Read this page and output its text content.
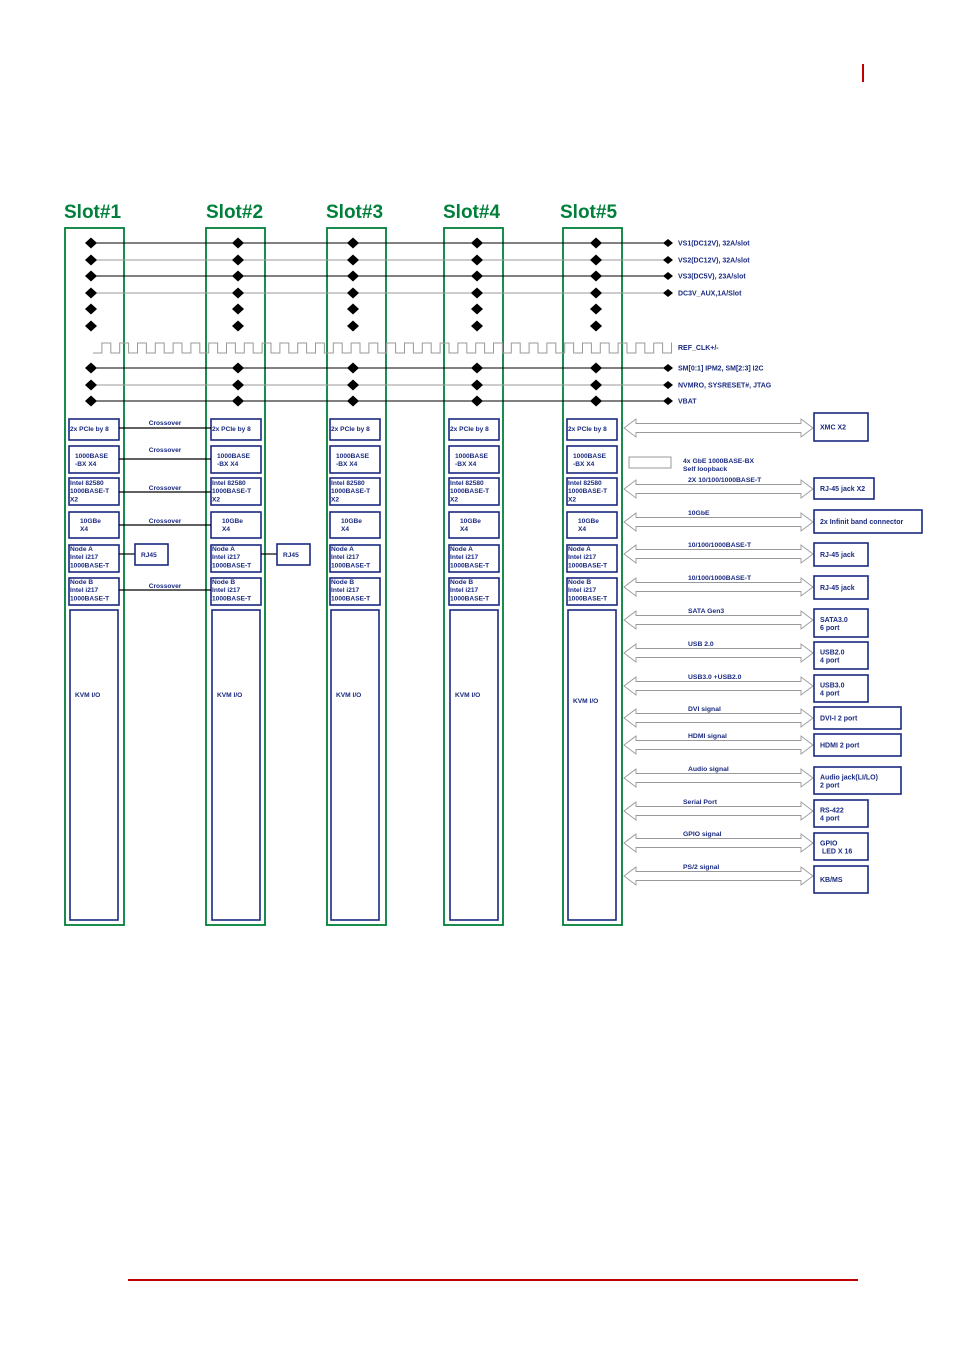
Slot#1	Slot#2	Slot#3	Slot#4	Slot#5
VS1(DC12V), 32A/slot
VS2(DC12V), 32A/slot
VS3(DC5V), 23A/slot
DC3V_AUX,1A/Slot
REF_CLK+/-
SM[0:1] IPM2, SM[2:3] I2C
NVMRO, SYSRESET#, JTAG
VBAT
2x PCIe by 8
1000BASE -BX X4
Intel 82580 1000BASE-T X2
10GBe X4
Node A Intel i217 1000BASE-T
Node B Intel i217 1000BASE-T
KVM I/O
2x PCIe by 8
1000BASE -BX X4
Intel 82580 1000BASE-T X2
10GBe X4
Node A Intel i217 1000BASE-T
Node B Intel i217 1000BASE-T
KVM I/O
2x PCIe by 8
1000BASE -BX X4
Intel 82580 1000BASE-T X2
10GBe X4
Node A Intel i217 1000BASE-T
Node B Intel i217 1000BASE-T
KVM I/O
2x PCIe by 8
1000BASE -BX X4
Intel 82580 1000BASE-T X2
10GBe X4
Node A Intel i217 1000BASE-T
Node B Intel i217 1000BASE-T
KVM I/O
2x PCIe by 8
1000BASE -BX X4
Intel 82580 1000BASE-T X2
10GBe X4
Node A Intel i217 1000BASE-T
Node B Intel i217 1000BASE-T
KVM I/O
Crossover
Crossover
Crossover
Crossover
Crossover
RJ45	RJ45
4x GbE 1000BASE-BX Self loopback
XMC X2
2X 10/100/1000BASE-T
RJ-45 jack X2
10GbE
2x Infinit band connector
10/100/1000BASE-T
RJ-45 jack
10/100/1000BASE-T
RJ-45 jack
SATA Gen3
SATA3.0 6 port
USB 2.0
USB2.0 4 port
USB3.0 +USB2.0
USB3.0 4 port
DVI signal
DVI-I 2 port
HDMI signal
HDMI 2 port
Audio signal
Audio jack(LI/LO) 2 port
Serial Port
RS-422 4 port
GPIO signal
GPIO LED X 16
PS/2 signal
KB/MS
